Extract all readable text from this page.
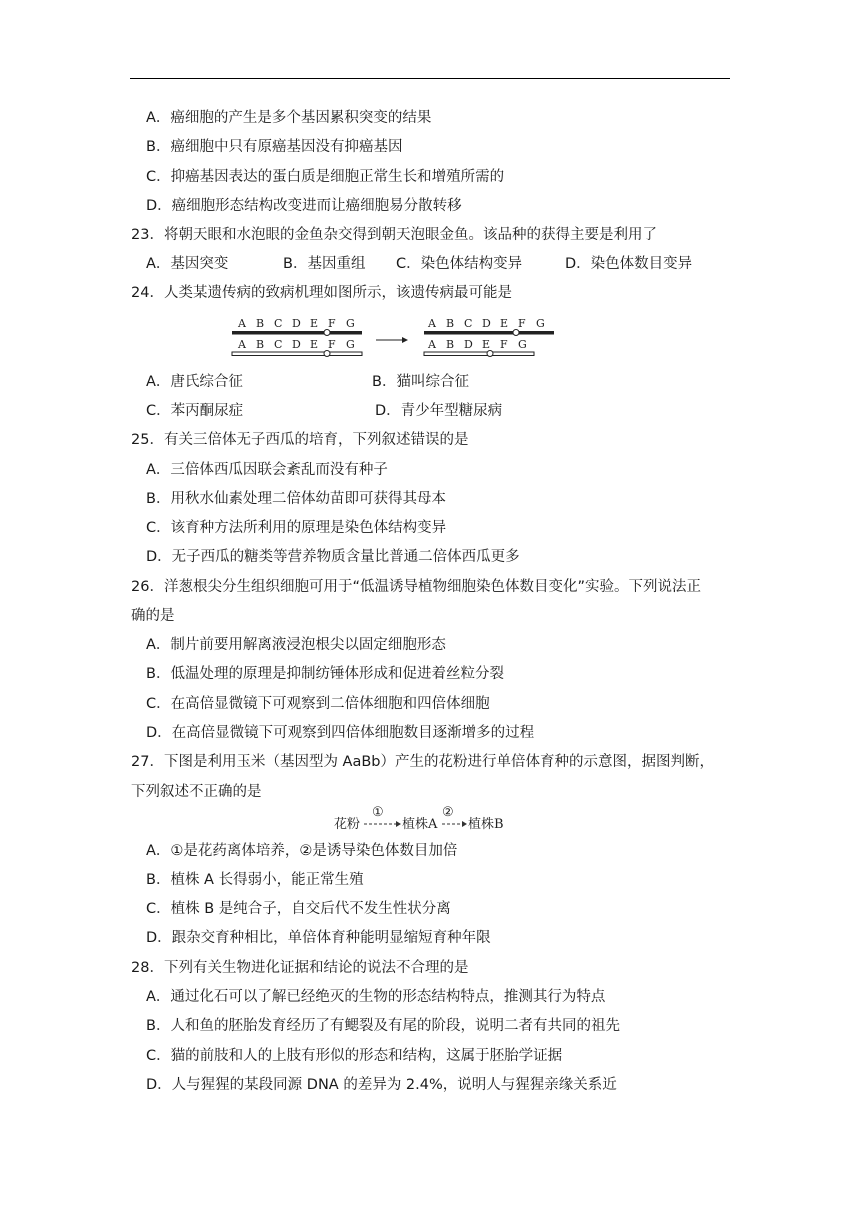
A．癌细胞的产生是多个基因累积突变的结果
B．癌细胞中只有原癌基因没有抑癌基因
C．抑癌基因表达的蛋白质是细胞正常生长和增殖所需的
D．癌细胞形态结构改变进而让癌细胞易分散转移
23．将朝天眼和水泡眼的金鱼杂交得到朝天泡眼金鱼。该品种的获得主要是利用了
A．基因突变	B．基因重组 C．染色体结构变异	D．染色体数目变异
24．人类某遗传病的致病机理如图所示，该遗传病最可能是
A B C D E F G
A B C D E F G
A B C D E F G
A B D E F G
A．唐氏综合征	B．猫叫综合征
C．苯丙酮尿症	D．青少年型糖尿病
25．有关三倍体无子西瓜的培育，下列叙述错误的是
A．三倍体西瓜因联会紊乱而没有种子
B．用秋水仙素处理二倍体幼苗即可获得其母本
C．该育种方法所利用的原理是染色体结构变异
D．无子西瓜的糖类等营养物质含量比普通二倍体西瓜更多
26．洋葱根尖分生组织细胞可用于“低温诱导植物细胞染色体数目变化”实验。下列说法正
确的是
A．制片前要用解离液浸泡根尖以固定细胞形态
B．低温处理的原理是抑制纺锤体形成和促进着丝粒分裂
C．在高倍显微镜下可观察到二倍体细胞和四倍体细胞
D．在高倍显微镜下可观察到四倍体细胞数目逐渐增多的过程
27．下图是利用玉米（基因型为 AaBb）产生的花粉进行单倍体育种的示意图，据图判断，
下列叙述不正确的是
花粉
①
植株A
②
植株B
A．①是花药离体培养，②是诱导染色体数目加倍
B．植株 A 长得弱小，能正常生殖
C．植株 B 是纯合子，自交后代不发生性状分离
D．跟杂交育种相比，单倍体育种能明显缩短育种年限
28．下列有关生物进化证据和结论的说法不合理的是
A．通过化石可以了解已经绝灭的生物的形态结构特点，推测其行为特点
B．人和鱼的胚胎发育经历了有鳃裂及有尾的阶段，说明二者有共同的祖先
C．猫的前肢和人的上肢有形似的形态和结构，这属于胚胎学证据
D．人与猩猩的某段同源 DNA 的差异为 2.4%，说明人与猩猩亲缘关系近
